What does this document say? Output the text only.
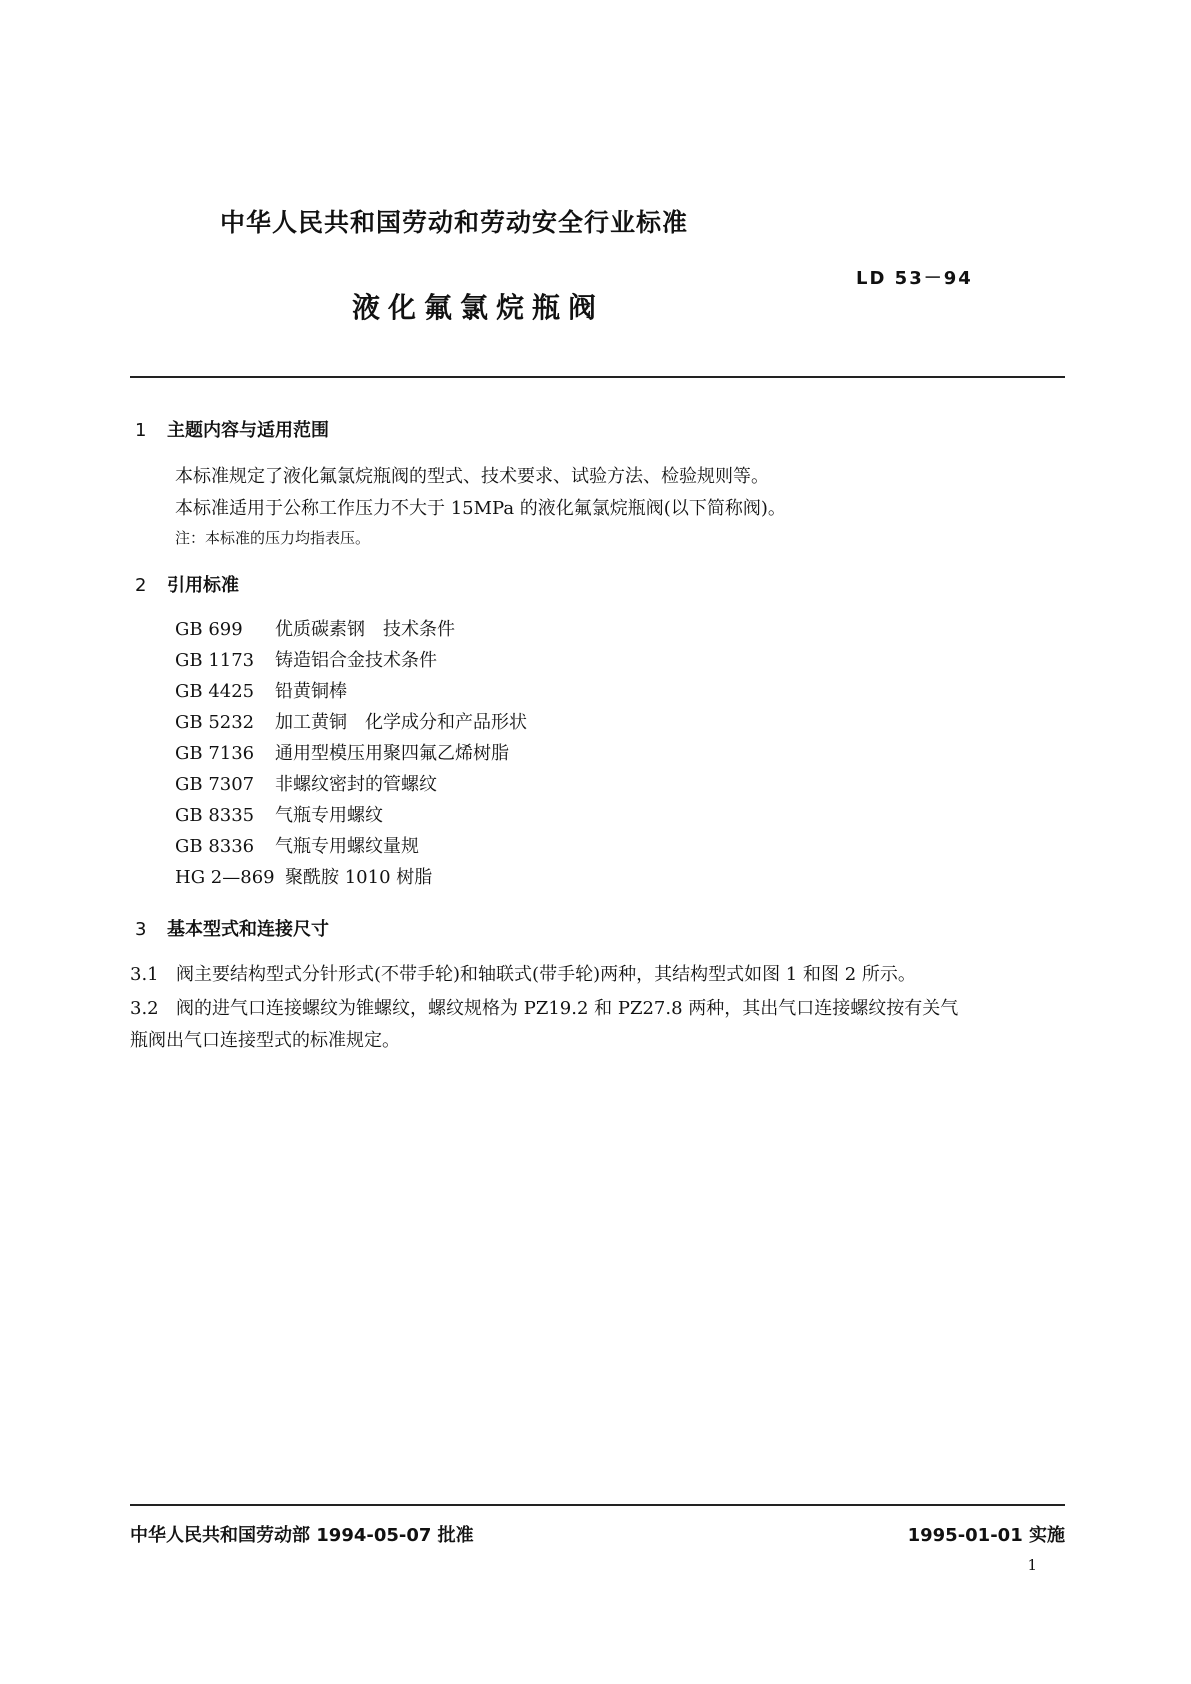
中华人民共和国劳动和劳动安全行业标准
LD 53－94
液化氟氯烷瓶阀
1 主题内容与适用范围
本标准规定了液化氟氯烷瓶阀的型式、技术要求、试验方法、检验规则等。
本标准适用于公称工作压力不大于 15MPa 的液化氟氯烷瓶阀(以下简称阀)。
注：本标准的压力均指表压。
2 引用标准
GB 699 优质碳素钢　技术条件
GB 1173 铸造铝合金技术条件
GB 4425 铅黄铜棒
GB 5232 加工黄铜　化学成分和产品形状
GB 7136 通用型模压用聚四氟乙烯树脂
GB 7307 非螺纹密封的管螺纹
GB 8335 气瓶专用螺纹
GB 8336 气瓶专用螺纹量规
HG 2—869 聚酰胺 1010 树脂
3 基本型式和连接尺寸
3.1 阀主要结构型式分针形式(不带手轮)和轴联式(带手轮)两种，其结构型式如图 1 和图 2 所示。
3.2 阀的进气口连接螺纹为锥螺纹，螺纹规格为 PZ19.2 和 PZ27.8 两种，其出气口连接螺纹按有关气
瓶阀出气口连接型式的标准规定。
中华人民共和国劳动部 1994-05-07 批准	1995-01-01 实施
1
